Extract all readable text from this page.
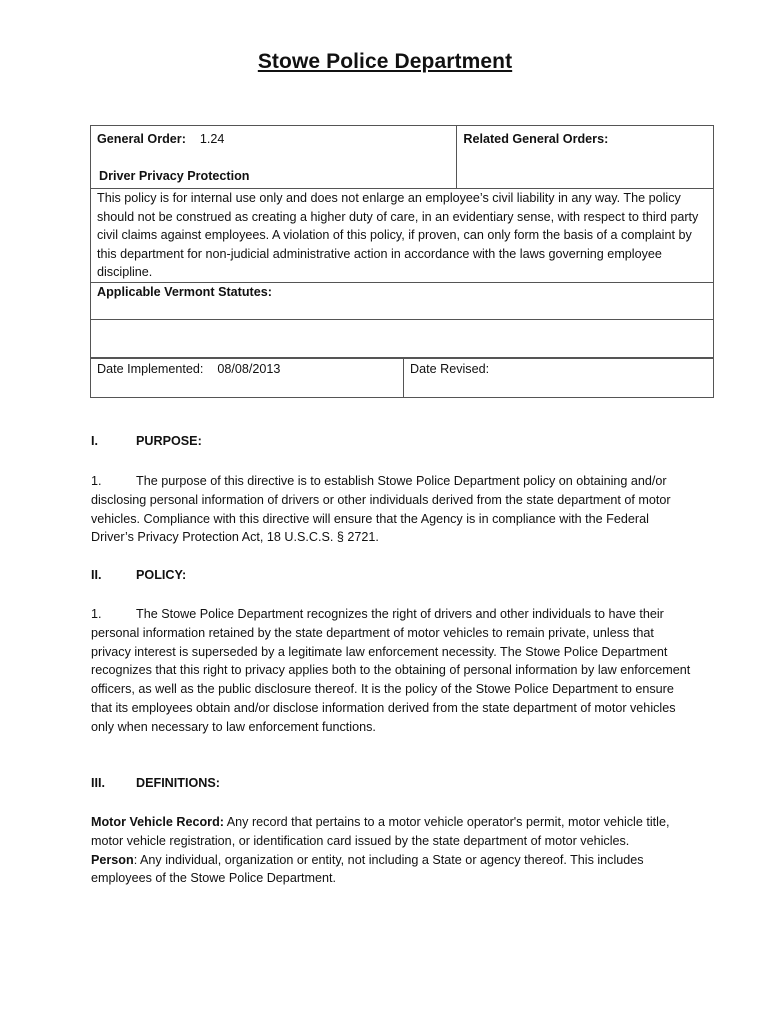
Stowe Police Department
General Order: 1.24
Driver Privacy Protection
	Related General Orders:
This policy is for internal use only and does not enlarge an employee’s civil liability in any way. The policy should not be construed as creating a higher duty of care, in an evidentiary sense, with respect to third party civil claims against employees. A violation of this policy, if proven, can only form the basis of a complaint by this department for non-judicial administrative action in accordance with the laws governing employee discipline.
Applicable Vermont Statutes:

Date Implemented: 08/08/2013	Date Revised:
I.	PURPOSE:
1.	The purpose of this directive is to establish Stowe Police Department policy on obtaining and/or disclosing personal information of drivers or other individuals derived from the state department of motor vehicles. Compliance with this directive will ensure that the Agency is in compliance with the Federal Driver’s Privacy Protection Act, 18 U.S.C.S. § 2721.
II.	POLICY:
1.	The Stowe Police Department recognizes the right of drivers and other individuals to have their personal information retained by the state department of motor vehicles to remain private, unless that privacy interest is superseded by a legitimate law enforcement necessity. The Stowe Police Department recognizes that this right to privacy applies both to the obtaining of personal information by law enforcement officers, as well as the public disclosure thereof. It is the policy of the Stowe Police Department to ensure that its employees obtain and/or disclose information derived from the state department of motor vehicles only when necessary to law enforcement functions.
III. DEFINITIONS:
Motor Vehicle Record: Any record that pertains to a motor vehicle operator's permit, motor vehicle title, motor vehicle registration, or identification card issued by the state department of motor vehicles.
Person: Any individual, organization or entity, not including a State or agency thereof. This includes employees of the Stowe Police Department.
